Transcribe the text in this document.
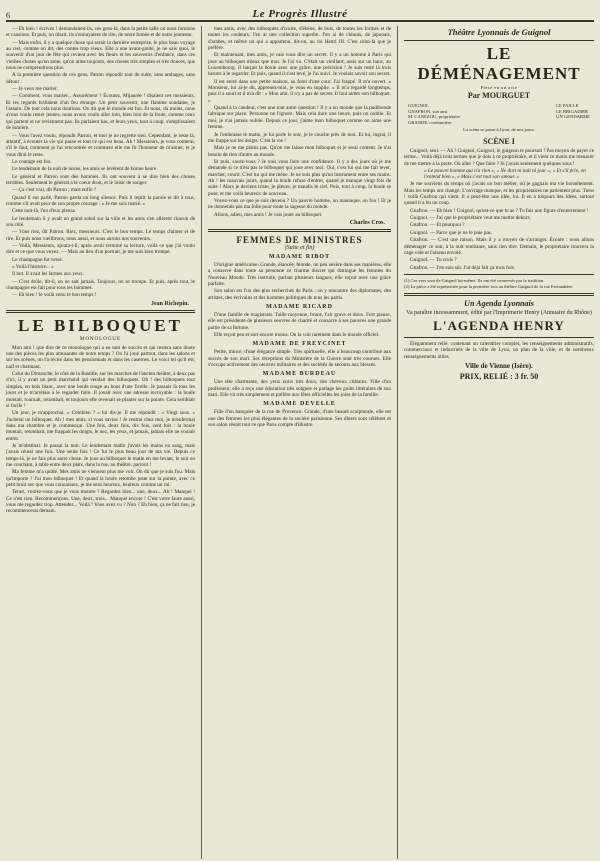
6	Le Progrès Illustré

— Eh bien ! écrivez ! demandaient-ils, ces gens-là, dans la petite salle où nous fumions et causions. Et puis, on disait, ils s'ennuyaient de rire, de notre fumée et de notre jeunesse.

— Mais enfin, il y a quelque chose qui serait la dernière entreprise, le plus beau voyage au ciel, comme on dit, des contes trop vieux. Elle a une avant-garde, je ne sais quoi, le souvenir d'un jour de fête qui revient avec les fleurs et les souvenirs d'enfance, dans ces vieilles choses qu'on aime, qu'on aime toujours, des choses très simples et très douces, que nous ne comprendrons plus.

A la première question de ces gens, Patron répondit tout de suite, sans ambages, sans détour :

— Je veux me marier.

— Comment, vous marier... Assurément ? Écoutez, Mijaurée ! disaient ces messieurs. Et les regards brillaient d'un feu étrange. Un petit souvenir, une flamme soudaine, je l'assure. De tout cela nous doutions. On dit que le monde est fou. Et nous, du moins, nous avons voulu rester jeunes, nous avons voulu aller loin, bien loin de la foule, comme ceux qui partent et ne reviennent pas. Ils parlaient bas, et leurs yeux, tout à coup, s'emplissaient de lumière.

— Vous l'avez voulu, répondit Patron, et moi je ne regrette rien. Cependant, je reste là, attentif, à écouter la vie qui passe et tout ce qui est beau. Ah ! Messieurs, je vous conterai, s'il le faut, comment je l'ai rencontrée et comment elle me fit l'honneur de m'aimer, et je vous dirai le reste.

Le courage est fou.

Le lendemain de la nuit de noces, les amis se levèrent de bonne heure.

Le général et Patron sont des hommes. Ils ont souvent à se dire bien des choses terribles. Seulement le général a le coeur droit, et le loisir de songer.

— Ça c'est vrai, dit Patron ; mais enfin ?

Quand il eut parlé, Patron garda un long silence. Puis il reprit la parole et dit à tous, comme s'il avait peur de son propre courage : « Je me suis marié. »

Cette nuit-là, l'un d'eux pleura.

Le lendemain il y avait un grand soleil sur la ville et les amis s'en allèrent chacun de son côté.

— Vous riez, dit Patron. Riez, messieurs. C'est le bon temps. Le temps d'aimer et de rire. Et puis nous vieillirons, nous aussi, et nous aurons nos souvenirs.

— Voilà, Messieurs, ajouta-t-il, après avoir terminé sa lecture, voilà ce que j'ai voulu dire et ce que vous voyez. — Mais au lieu d'un portrait, je me suis bien trompé.

Le champagne fut versé.

« Voilà l'histoire... »

Il but. Il avait les larmes aux yeux.

— C'est drôle, dit-il, on ne sait jamais. Toujours, on se trompe. Et puis, après tout, le champagne est fait pour tous les hommes.

— Eh bien ! le voilà venu le bon temps !

Jean Richepin.
LE BILBOQUET
MONOLOGUE

Mon ami ! que dire de ce monologue qui a eu tant de succès et qui restera sans doute une des pièces les plus amusantes de notre temps ? On l'a joué partout, dans les salons et sur les scènes, on l'a récité dans les pensionnats et dans les casernes. Le voici tel qu'il est, naïf et charmant.

Celui du Dimanche, le côté de la Bastille, sur les marches de l'ancien théâtre, à deux pas d'ici, il y avait un petit marchand qui vendait des bilboquets. Oh ! des bilboquets tout simples, en bois blanc, avec une boule rouge au bout d'une ficelle. Je passais là tous les jours et je m'arrêtais à le regarder faire. Il jouait avec une adresse incroyable : la boule montait, tournait, retombait, et toujours elle revenait se planter sur la pointe. Cela semblait si facile !

Un jour, je m'approchai. « Combien ? » lui dis-je. Il me répondit : « Vingt sous. » J'achetai un bilboquet. Ah ! mes amis, si vous saviez ! Je rentrai chez moi, je m'enfermai dans ma chambre et je commençai. Une fois, deux fois, dix fois, cent fois : la boule montait, retombait, me frappait les doigts, le nez, les yeux, et jamais, jamais elle ne voulait entrer.

Je m'obstinai. Je passai la nuit. Le lendemain matin j'avais les mains en sang, mais j'avais réussi une fois. Une seule fois ! Ce fut le plus beau jour de ma vie. Depuis ce temps-là, je ne fais plus autre chose. Je joue au bilboquet le matin en me levant, le soir en me couchant, à table entre deux plats, dans la rue, au théâtre, partout !

Ma femme m'a quitté. Mes amis ne viennent plus me voir. On dit que je suis fou. Mais qu'importe ? J'ai mon bilboquet ! Et quand la boule retombe juste sur la pointe, avec ce petit bruit sec que vous connaissez, je me sens heureux, heureux comme un roi.

Tenez, voulez-vous que je vous montre ? Regardez bien... une, deux... Ah ! Manqué ! Ce n'est rien. Recommençons. Une, deux, trois... Manqué encore ! C'est votre faute aussi, vous me regardez trop. Attendez... Voilà ! Vous avez vu ? Non ? Eh bien, ça ne fait rien, je recommencerai demain.

mes amis, avec des bilboquets d'ivoire, d'ébène, de buis, de toutes les formes et de toutes les couleurs. J'en ai une collection superbe. J'en ai de chinois, de japonais, d'arabes, et même un qui a appartenu, dit-on, au roi Henri III. C'est celui-là que je préfère.

Et maintenant, mes amis, je vais vous dire un secret. Il y a un homme à Paris qui joue au bilboquet mieux que moi. Je l'ai vu. C'était un vieillard, assis sur un banc, au Luxembourg. Il lançait la boule avec une grâce, une précision ! Je suis resté là trois heures à le regarder. Et puis, quand il s'est levé, je l'ai suivi. Je voulais savoir son secret.

Il est entré dans une petite maison, au fond d'une cour. J'ai frappé. Il m'a ouvert. « Monsieur, lui ai-je dit, apprenez-moi, je vous en supplie. » Il m'a regardé longtemps, puis il a souri et il m'a dit : « Mon ami, il n'y a pas de secret. Il faut aimer son bilboquet. »

Quand à la candeur, c'est une tout autre question ! Il y a un monde que la pudibonde fabrique sur place. Personne ne l'ignore. Mais cela dure une heure, puis on oublie. Et moi, je n'ai jamais oublié. Depuis ce jour, j'aime mon bilboquet comme on aime une femme.

Je l'embrasse le matin, je lui parle le soir, je le couche près de moi. Et lui, ingrat, il me frappe sur les doigts. C'est la vie !

Mais je ne me plains pas. Qu'on me laisse mon bilboquet et je serai content. Je n'ai besoin de rien d'autre au monde.

Et puis, savez-vous ? Je vais vous faire une confidence. Il y a des jours où je me demande si ce n'est pas le bilboquet qui joue avec moi. Oui, c'est lui qui me fait lever, marcher, courir. C'est lui qui me mène. Je ne suis plus qu'un instrument entre ses mains. Ah ! les mauvais jours, quand la boule refuse d'entrer, quand je manque vingt fois de suite ! Alors je deviens triste, je pleure, je maudis le ciel. Puis, tout à coup, la boule se pose, et me voilà heureux de nouveau.

Voyez-vous ce que je suis devenu ? Un pauvre homme, un maniaque, un fou ! Et je ne donnerais pas ma folie pour toute la sagesse du monde.

Allons, adieu, mes amis ! Je vais jouer au bilboquet.

Charles Cros.
FEMMES DE MINISTRES
(Suite et fin)
MADAME RIBOT

D'origine américaine. Grande, élancée, blonde, un peu sévère dans ses manières, elle a conservé dans toute sa personne ce charme discret qui distingue les femmes du Nouveau Monde. Très instruite, parlant plusieurs langues, elle reçoit avec une grâce parfaite.

Son salon est l'un des plus recherchés de Paris ; on y rencontre des diplomates, des artistes, des écrivains et des hommes politiques de tous les partis.

MADAME RICARD

D'une famille de magistrats. Taille moyenne, brune, l'air grave et doux. Fort pieuse, elle est présidente de plusieurs oeuvres de charité et consacre à ses pauvres une grande partie de sa fortune.

Elle reçoit peu et sort encore moins. On la voit rarement dans le monde officiel.

MADAME DE FREYCINET

Petite, mince, d'une élégance simple. Très spirituelle, elle a beaucoup contribué aux succès de son mari. Ses réceptions du Ministère de la Guerre sont très courues. Elle s'occupe activement des oeuvres militaires et des sociétés de secours aux blessés.

MADAME BURDEAU

Une tête charmante, des yeux noirs très doux, des cheveux châtains. Fille d'un professeur, elle a reçu une éducation très soignée et partage les goûts littéraires de son mari. Elle vit très simplement et préfère aux fêtes officielles les joies de la famille.

MADAME DEVELLE

Fille d'un banquier de la rue de Provence. Grande, d'une beauté sculpturale, elle est une des femmes les plus élégantes de la société parisienne. Ses dîners sont célèbres et son salon réunit tout ce que Paris compte d'illustre.

Théâtre Lyonnais de Guignol
LE DÉMÉNAGEMENT
Pièce en un acte
Par MOURGUET

GUIGNOL

GNAFRON, son ami

M. CANEZOU, propriétaire

GRANDE, cordonnière

LE PAILLE

LE BRIGADIER

UN GENDARME

La scène se passe à Lyon, de nos jours.
SCÈNE I

Guignol, seul. — Ah ! Guignol, Guignol, le guignon te poursuit ! Pas moyen de payer ce terme... Voilà déjà trois termes que je dois à ce propriétaire, et il vient ce matin me menacer de me mettre à la porte. Où aller ? Que faire ? Si j'avais seulement quelques sous !

« Le pauvre homme qui n'a rien », « Ne dort ni nuit ni jour », « Et s'il prie, on l'entend bien », « Mais c'est tout son amour. »

Je me souviens du temps où j'avais un bon métier, où je gagnais ma vie honnêtement. Mais les temps ont changé. L'ouvrage manque, et les propriétaires ne patientent plus. Tiens ! voilà Gnafron qui vient. Il a peut-être une idée, lui. Il en a toujours des idées, surtout quand il a bu un coup.

Gnafron. — Eh bien ! Guignol, qu'est-ce que tu as ? Tu fais une figure d'enterrement !

Guignol. — J'ai que le propriétaire veut me mettre dehors.

Gnafron. — Et pourquoi ?

Guignol. — Parce que je ne le paie pas.

Gnafron. — C'est une raison. Mais il y a moyen de s'arranger. Écoute : nous allons déménager ce soir, à la nuit tombante, sans rien dire. Demain, le propriétaire trouvera la cage vide et l'oiseau envolé.

Guignol. — Tu crois ?

Gnafron. — J'en suis sûr. J'ai déjà fait ça trois fois.

(1) Ces vers sont de Guignol lui-même. Ils ont été conservés par la tradition.

(2) La pièce a été représentée pour la première fois au théâtre Guignol de la rue Ferrandière.

Un Agenda Lyonnais
Va paraître incessamment, édité par l'Imprimerie Henry (Annuaire du Rhône)
L'AGENDA HENRY
Élégamment relié, contenant un calendrier complet, les renseignements administratifs, commerciaux et industriels de la ville de Lyon, un plan de la ville, et de nombreux renseignements utiles.
Ville de Vienne (Isère).
PRIX, RELIÉ : 3 fr. 50
